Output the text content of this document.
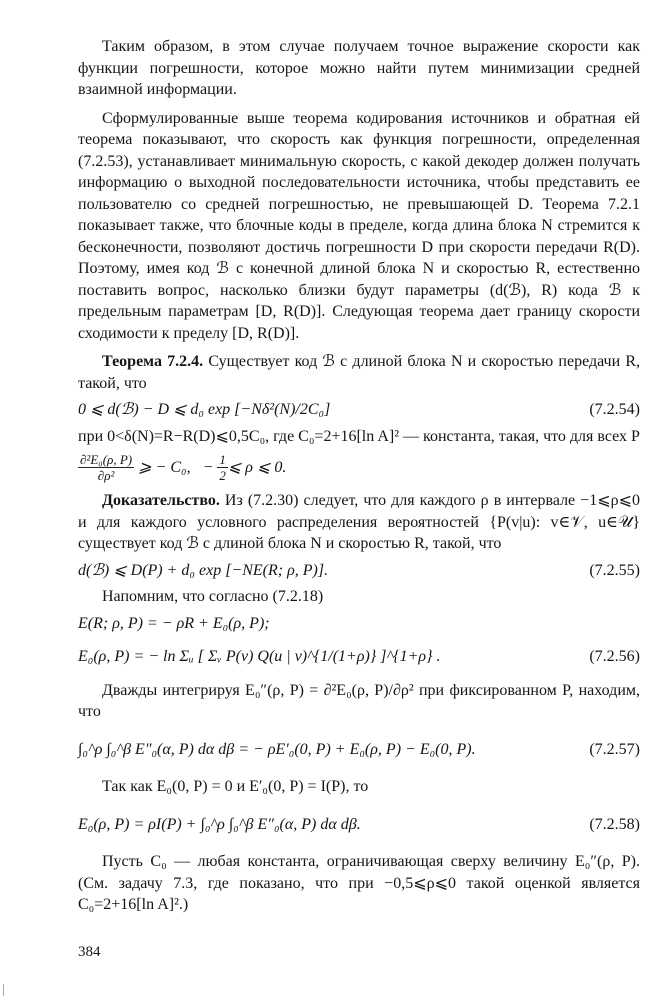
Таким образом, в этом случае получаем точное выражение скорости как функции погрешности, которое можно найти путем минимизации средней взаимной информации.

Сформулированные выше теорема кодирования источников и обратная ей теорема показывают, что скорость как функция погрешности, определенная (7.2.53), устанавливает минимальную скорость, с какой декодер должен получать информацию о выходной последовательности источника, чтобы представить ее пользователю со средней погрешностью, не превышающей D. Теорема 7.2.1 показывает также, что блочные коды в пределе, когда длина блока N стремится к бесконечности, позволяют достичь погрешности D при скорости передачи R(D). Поэтому, имея код ℬ с конечной длиной блока N и скоростью R, естественно поставить вопрос, насколько близки будут параметры (d(ℬ), R) кода ℬ к предельным параметрам [D, R(D)]. Следующая теорема дает границу скорости сходимости к пределу [D, R(D)].

Теорема 7.2.4. Существует код ℬ с длиной блока N и скоростью передачи R, такой, что

0 ⩽ d(ℬ) − D ⩽ d₀ exp [−Nδ²(N)/2C₀]	(7.2.54)

при 0<δ(N)=R−R(D)⩽0,5C₀, где C₀=2+16[ln A]² — константа, такая, что для всех P

$\frac{\text{∂²E₀(ρ, P)}}{\text{∂ρ²}}$ ⩾ − C₀,   − $\frac{1}{2}$ ⩽ ρ ⩽ 0.

Доказательство. Из (7.2.30) следует, что для каждого ρ в интервале −1⩽ρ⩽0 и для каждого условного распределения вероятностей {P(v|u): v∈𝒱, u∈𝒰} существует код ℬ с длиной блока N и скоростью R, такой, что

d(ℬ) ⩽ D(P) + d₀ exp [−NE(R; ρ, P)].	(7.2.55)

Напомним, что согласно (7.2.18)

E(R; ρ, P) = − ρR + E₀(ρ, P);
E₀(ρ, P) = − ln Σᵤ [ Σᵥ P(v) Q(u | v)^{1/(1+ρ)} ]^{1+ρ} .	(7.2.56)

Дважды интегрируя E₀″(ρ, P) = ∂²E₀(ρ, P)/∂ρ² при фиксированном P, находим, что

∫₀^ρ ∫₀^β E″₀(α, P) dα dβ = − ρE′₀(0, P) + E₀(ρ, P) − E₀(0, P).	(7.2.57)

Так как E₀(0, P) = 0 и E′₀(0, P) = I(P), то

E₀(ρ, P) = ρI(P) + ∫₀^ρ ∫₀^β E″₀(α, P) dα dβ.	(7.2.58)

Пусть C₀ — любая константа, ограничивающая сверху величину E₀″(ρ, P). (См. задачу 7.3, где показано, что при −0,5⩽ρ⩽0 такой оценкой является C₀=2+16[ln A]².)

384
